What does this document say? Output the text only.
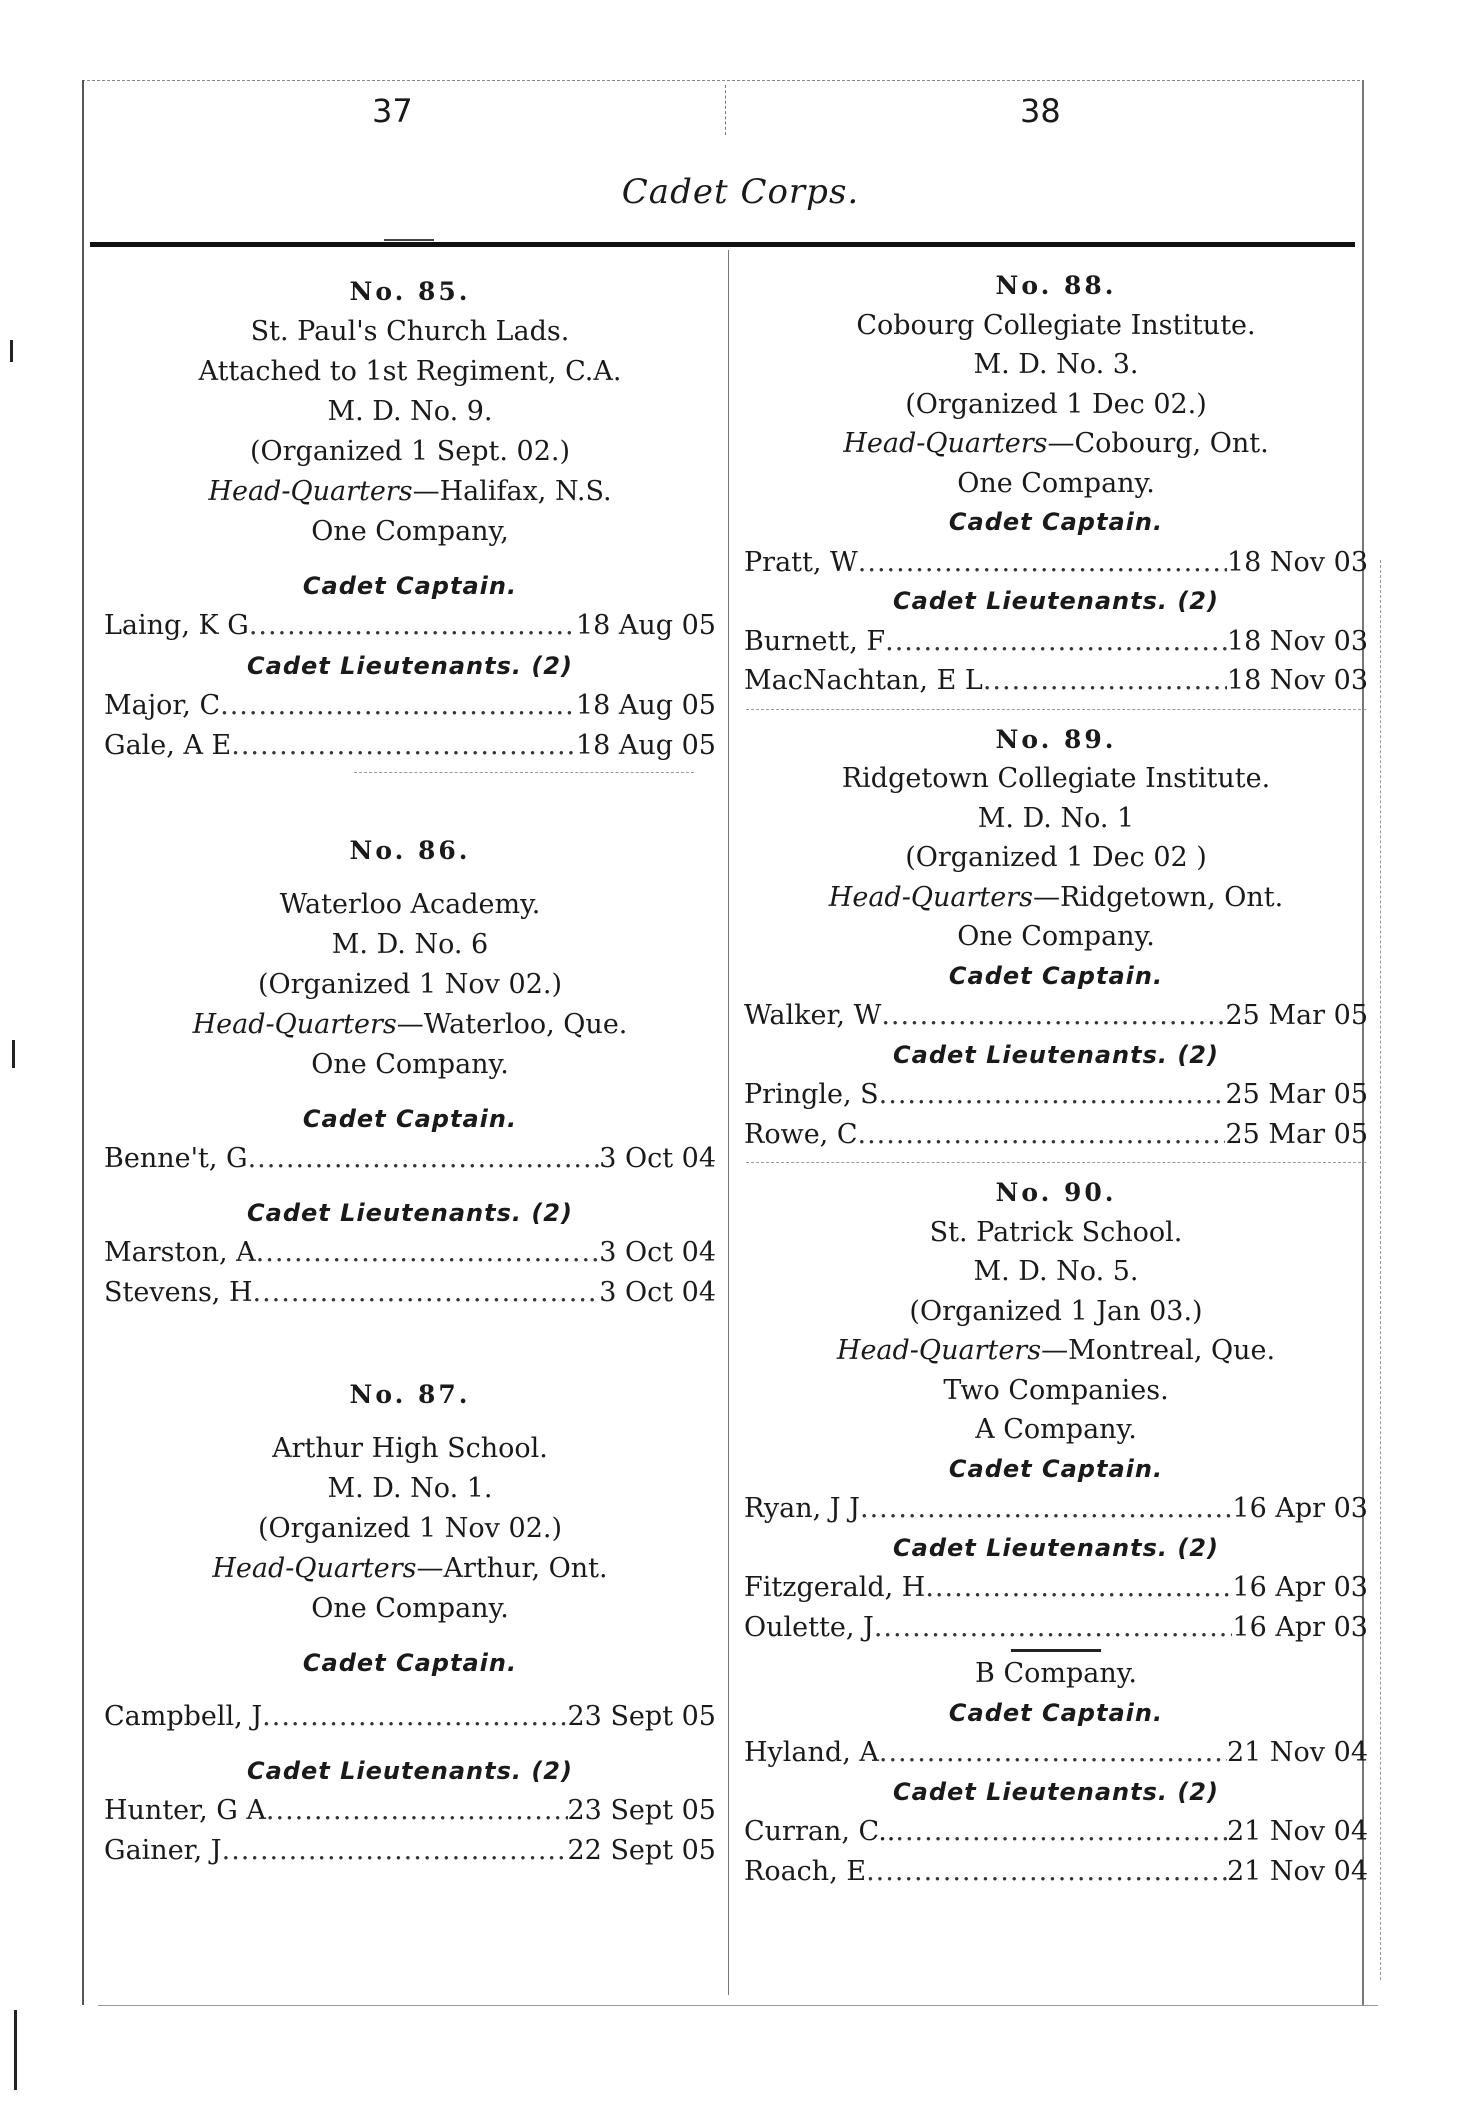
37	38
Cadet Corps.
No. 85.
St. Paul's Church Lads.
Attached to 1st Regiment, C.A.
M. D. No. 9.
(Organized 1 Sept. 02.)
Head-Quarters—Halifax, N.S.
One Company,
Cadet Captain.
Laing, K G .....	18 Aug 05
Cadet Lieutenants. (2)
Major, C .....	18 Aug 05
Gale, A E .....	18 Aug 05
No. 86.
Waterloo Academy.
M. D. No. 6
(Organized 1 Nov 02.)
Head-Quarters—Waterloo, Que.
One Company.
Cadet Captain.
Benne't, G .....	3 Oct 04
Cadet Lieutenants. (2)
Marston, A .....	3 Oct 04
Stevens, H .....	3 Oct 04
No. 87.
Arthur High School.
M. D. No. 1.
(Organized 1 Nov 02.)
Head-Quarters—Arthur, Ont.
One Company.
Cadet Captain.
Campbell, J .....	23 Sept 05
Cadet Lieutenants. (2)
Hunter, G A .....	23 Sept 05
Gainer, J .....	22 Sept 05
No. 88.
Cobourg Collegiate Institute.
M. D. No. 3.
(Organized 1 Dec 02.)
Head-Quarters—Cobourg, Ont.
One Company.
Cadet Captain.
Pratt, W .....	18 Nov 03
Cadet Lieutenants. (2)
Burnett, F .....	18 Nov 03
MacNachtan, E L .....	18 Nov 03
No. 89.
Ridgetown Collegiate Institute.
M. D. No. 1
(Organized 1 Dec 02 )
Head-Quarters—Ridgetown, Ont.
One Company.
Cadet Captain.
Walker, W .....	25 Mar 05
Cadet Lieutenants. (2)
Pringle, S .....	25 Mar 05
Rowe, C .....	25 Mar 05
No. 90.
St. Patrick School.
M. D. No. 5.
(Organized 1 Jan 03.)
Head-Quarters—Montreal, Que.
Two Companies.
A Company.
Cadet Captain.
Ryan, J J .....	16 Apr 03
Cadet Lieutenants. (2)
Fitzgerald, H .....	16 Apr 03
Oulette, J .....	16 Apr 03
B Company.
Cadet Captain.
Hyland, A .....	21 Nov 04
Cadet Lieutenants. (2)
Curran, C.. .....	21 Nov 04
Roach, E .....	21 Nov 04
